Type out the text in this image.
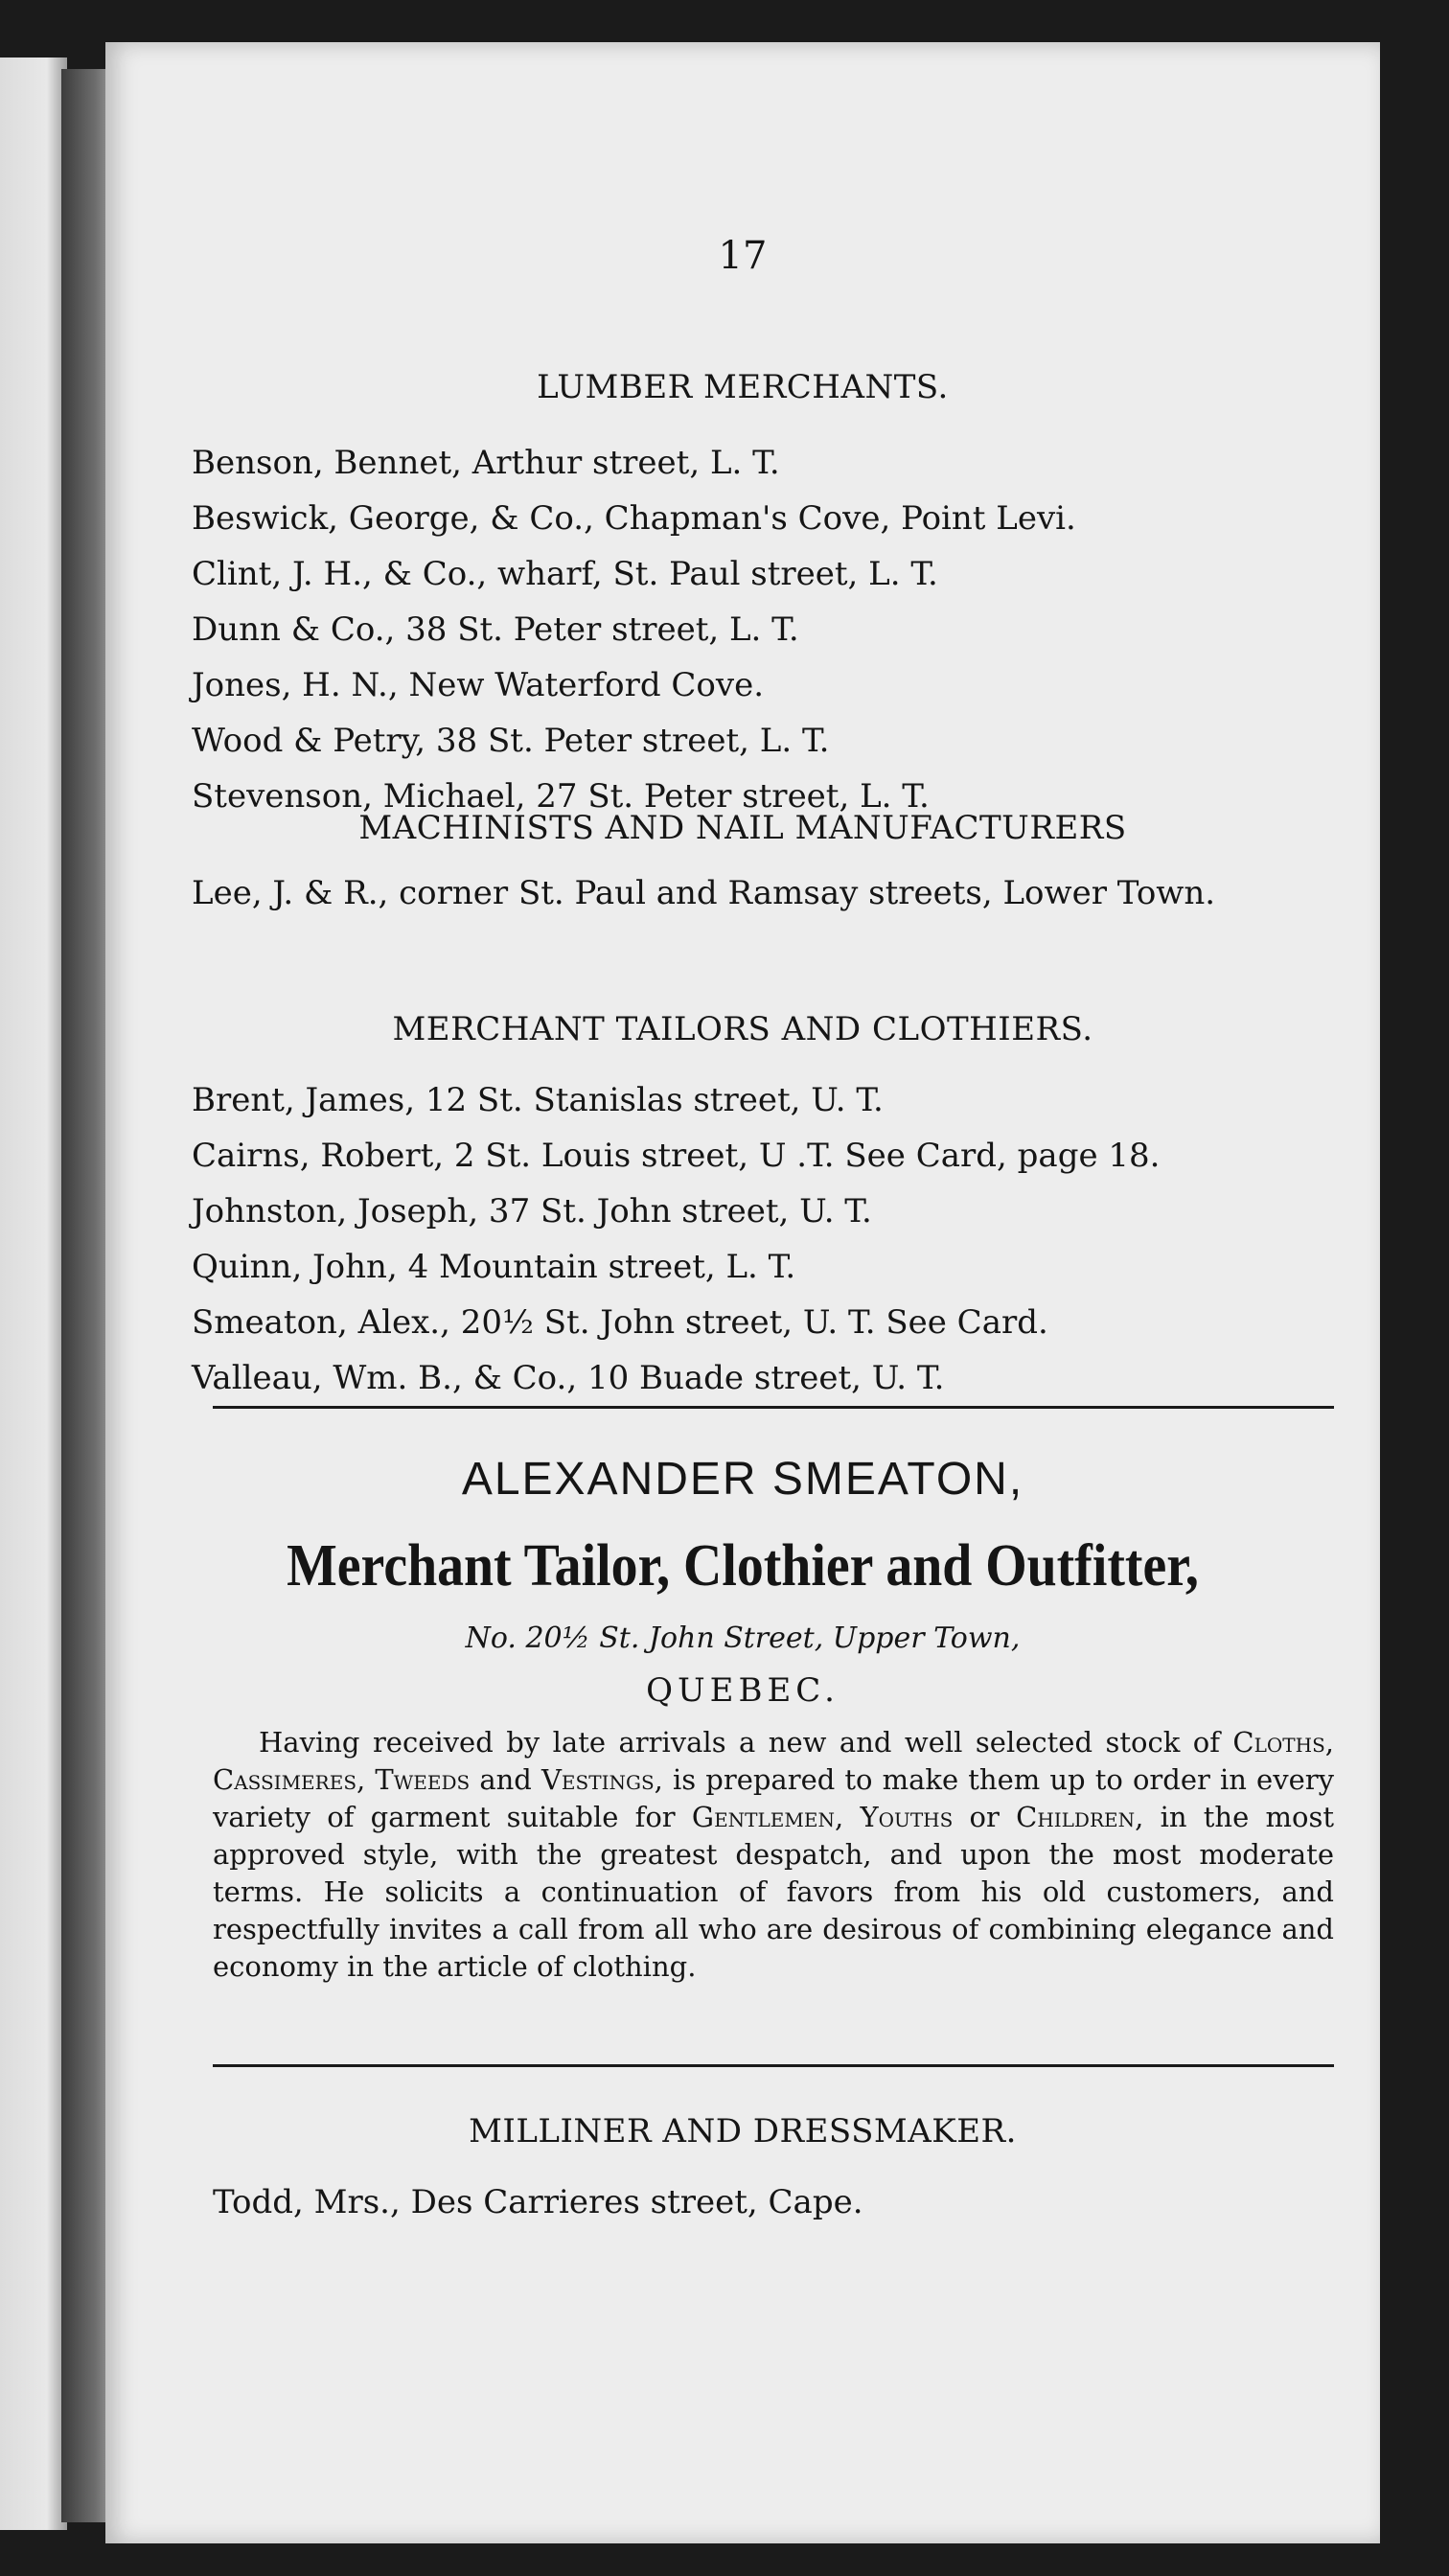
17
LUMBER MERCHANTS.
Benson, Bennet, Arthur street, L. T.
Beswick, George, & Co., Chapman's Cove, Point Levi.
Clint, J. H., & Co., wharf, St. Paul street, L. T.
Dunn & Co., 38 St. Peter street, L. T.
Jones, H. N., New Waterford Cove.
Wood & Petry, 38 St. Peter street, L. T.
Stevenson, Michael, 27 St. Peter street, L. T.
MACHINISTS AND NAIL MANUFACTURERS
Lee, J. & R., corner St. Paul and Ramsay streets, Lower Town.
MERCHANT TAILORS AND CLOTHIERS.
Brent, James, 12 St. Stanislas street, U. T.
Cairns, Robert, 2 St. Louis street, U .T. See Card, page 18.
Johnston, Joseph, 37 St. John street, U. T.
Quinn, John, 4 Mountain street, L. T.
Smeaton, Alex., 20½ St. John street, U. T. See Card.
Valleau, Wm. B., & Co., 10 Buade street, U. T.
ALEXANDER SMEATON,
Merchant Tailor, Clothier and Outfitter,
No. 20½ St. John Street, Upper Town,
QUEBEC.

Having received by late arrivals a new and well selected stock of Cloths, Cassimeres, Tweeds and Vestings, is prepared to make them up to order in every variety of garment suitable for Gentlemen, Youths or Children, in the most approved style, with the greatest despatch, and upon the most moderate terms. He solicits a continuation of favors from his old customers, and respectfully invites a call from all who are desirous of combining elegance and economy in the article of clothing.

MILLINER AND DRESSMAKER.
Todd, Mrs., Des Carrieres street, Cape.
